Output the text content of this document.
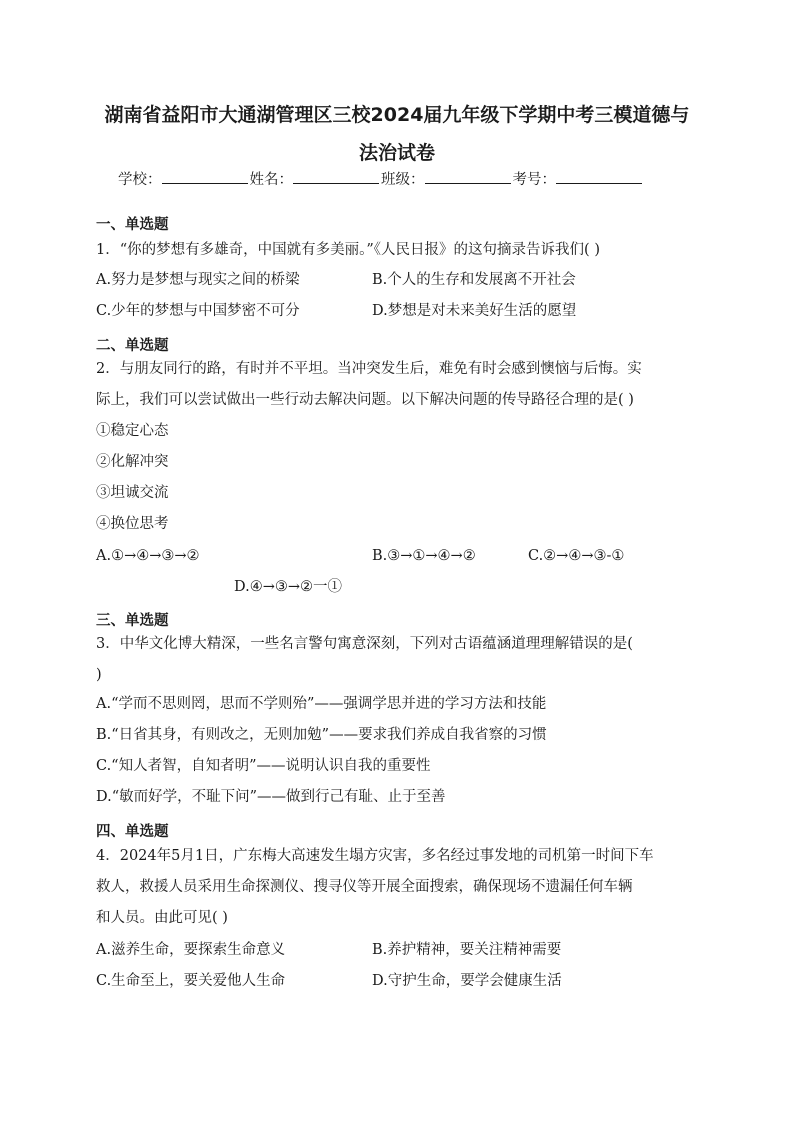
湖南省益阳市大通湖管理区三校2024届九年级下学期中考三模道德与
法治试卷
学校：	姓名：	班级：	考号：
一、单选题
1．“你的梦想有多雄奇，中国就有多美丽。”《人民日报》的这句摘录告诉我们( )
A.努力是梦想与现实之间的桥梁	B.个人的生存和发展离不开社会
C.少年的梦想与中国梦密不可分	D.梦想是对未来美好生活的愿望
二、单选题
2．与朋友同行的路，有时并不平坦。当冲突发生后，难免有时会感到懊恼与后悔。实
际上，我们可以尝试做出一些行动去解决问题。以下解决问题的传导路径合理的是( )
①稳定心态
②化解冲突
③坦诚交流
④换位思考
A.①→④→③→②	B.③→①→④→②	C.②→④→③-①
D.④→③→②一①
三、单选题
3．中华文化博大精深，一些名言警句寓意深刻，下列对古语蕴涵道理理解错误的是(
)
A.“学而不思则罔，思而不学则殆”——强调学思并进的学习方法和技能
B.“日省其身，有则改之，无则加勉”——要求我们养成自我省察的习惯
C.“知人者智，自知者明”——说明认识自我的重要性
D.“敏而好学，不耻下问”——做到行己有耻、止于至善
四、单选题
4．2024年5月1日，广东梅大高速发生塌方灾害，多名经过事发地的司机第一时间下车
救人，救援人员采用生命探测仪、搜寻仪等开展全面搜索，确保现场不遗漏任何车辆
和人员。由此可见( )
A.滋养生命，要探索生命意义	B.养护精神，要关注精神需要
C.生命至上，要关爱他人生命	D.守护生命，要学会健康生活
